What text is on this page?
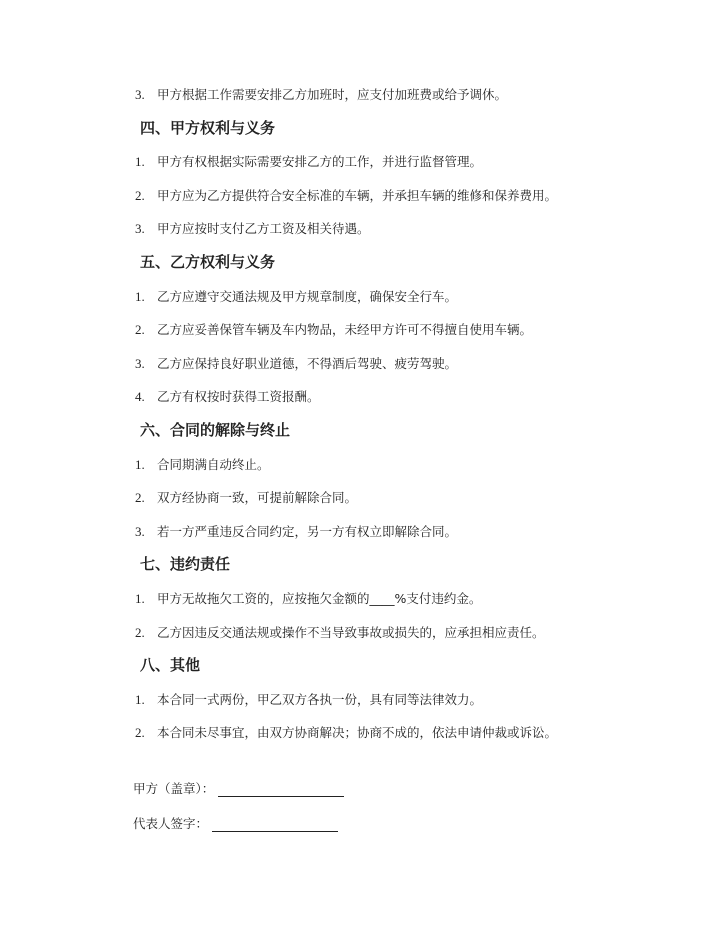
3. 甲方根据工作需要安排乙方加班时，应支付加班费或给予调休。
四、甲方权利与义务
1. 甲方有权根据实际需要安排乙方的工作，并进行监督管理。
2. 甲方应为乙方提供符合安全标准的车辆，并承担车辆的维修和保养费用。
3. 甲方应按时支付乙方工资及相关待遇。
五、乙方权利与义务
1. 乙方应遵守交通法规及甲方规章制度，确保安全行车。
2. 乙方应妥善保管车辆及车内物品，未经甲方许可不得擅自使用车辆。
3. 乙方应保持良好职业道德，不得酒后驾驶、疲劳驾驶。
4. 乙方有权按时获得工资报酬。
六、合同的解除与终止
1. 合同期满自动终止。
2. 双方经协商一致，可提前解除合同。
3. 若一方严重违反合同约定，另一方有权立即解除合同。
七、违约责任
1. 甲方无故拖欠工资的，应按拖欠金额的____%支付违约金。
2. 乙方因违反交通法规或操作不当导致事故或损失的，应承担相应责任。
八、其他
1. 本合同一式两份，甲乙双方各执一份，具有同等法律效力。
2. 本合同未尽事宜，由双方协商解决；协商不成的，依法申请仲裁或诉讼。
甲方（盖章）：
代表人签字：
